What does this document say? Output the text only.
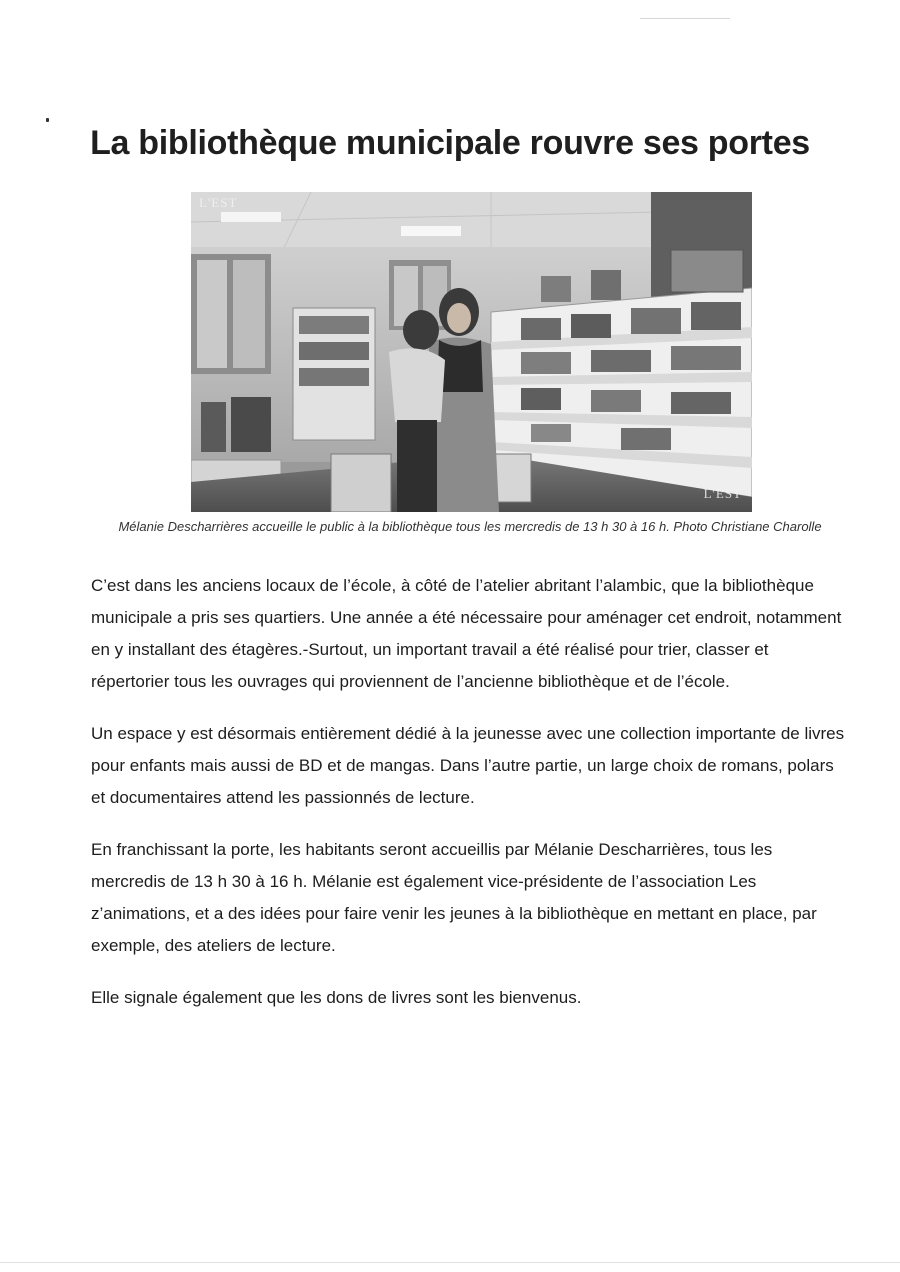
La bibliothèque municipale rouvre ses portes
L'EST
L'EST

Mélanie Descharrières accueille le public à la bibliothèque tous les mercredis de 13 h 30 à 16 h. Photo Christiane Charolle

C’est dans les anciens locaux de l’école, à côté de l’atelier abritant l’alambic, que la bibliothèque municipale a pris ses quartiers. Une année a été nécessaire pour aménager cet endroit, notamment en y installant des étagères.-Surtout, un important travail a été réalisé pour trier, classer et répertorier tous les ouvrages qui proviennent de l’ancienne bibliothèque et de l’école.

Un espace y est désormais entièrement dédié à la jeunesse avec une collection importante de livres pour enfants mais aussi de BD et de mangas. Dans l’autre partie, un large choix de romans, polars et documentaires attend les passionnés de lecture.

En franchissant la porte, les habitants seront accueillis par Mélanie Descharrières, tous les mercredis de 13 h 30 à 16 h. Mélanie est également vice-présidente de l’association Les z’animations, et a des idées pour faire venir les jeunes à la bibliothèque en mettant en place, par exemple, des ateliers de lecture.

Elle signale également que les dons de livres sont les bienvenus.
